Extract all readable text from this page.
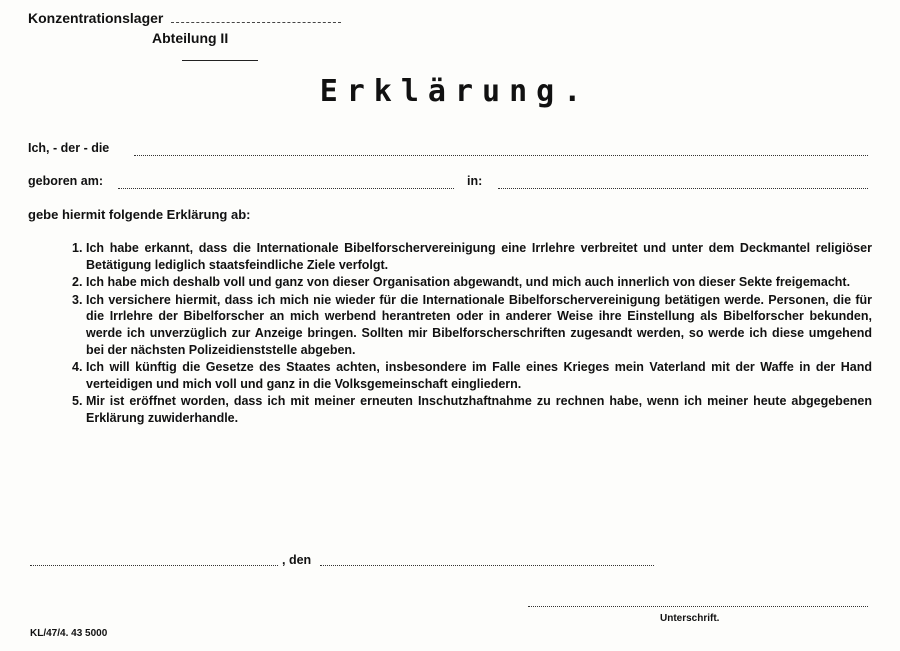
Konzentrationslager
Abteilung II
Erklärung.
Ich, - der - die
geboren am:	in:
gebe hiermit folgende Erklärung ab:
1. Ich habe erkannt, dass die Internationale Bibelforschervereinigung eine Irrlehre verbreitet und unter dem Deckmantel religiöser Betätigung lediglich staatsfeindliche Ziele verfolgt.
2. Ich habe mich deshalb voll und ganz von dieser Organisation abgewandt, und mich auch innerlich von dieser Sekte freigemacht.
3. Ich versichere hiermit, dass ich mich nie wieder für die Internationale Bibelforschervereinigung betätigen werde. Personen, die für die Irrlehre der Bibelforscher an mich werbend herantreten oder in anderer Weise ihre Einstellung als Bibelforscher bekunden, werde ich unverzüglich zur Anzeige bringen. Sollten mir Bibelforscherschriften zugesandt werden, so werde ich diese umgehend bei der nächsten Polizeidienststelle abgeben.
4. Ich will künftig die Gesetze des Staates achten, insbesondere im Falle eines Krieges mein Vaterland mit der Waffe in der Hand verteidigen und mich voll und ganz in die Volksgemeinschaft eingliedern.
5. Mir ist eröffnet worden, dass ich mit meiner erneuten Inschutzhaftnahme zu rechnen habe, wenn ich meiner heute abgegebenen Erklärung zuwiderhandle.
, den
Unterschrift.
KL/47/4. 43 5000
